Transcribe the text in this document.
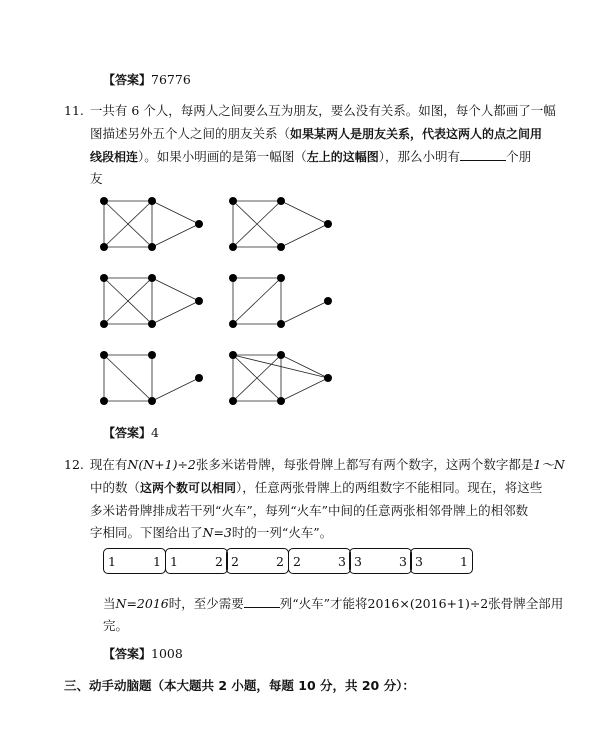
【答案】76776
11. 一共有 6 个人，每两人之间要么互为朋友，要么没有关系。如图，每个人都画了一幅
图描述另外五个人之间的朋友关系（如果某两人是朋友关系，代表这两人的点之间用
线段相连）。如果小明画的是第一幅图（左上的这幅图），那么小明有	个朋
友
【答案】4
12. 现在有N(N+1)÷2张多米诺骨牌，每张骨牌上都写有两个数字，这两个数字都是1～N
中的数（这两个数可以相同），任意两张骨牌上的两组数字不能相同。现在，将这些
多米诺骨牌排成若干列“火车”，每列“火车”中间的任意两张相邻骨牌上的相邻数
字相同。下图给出了N=3时的一列“火车”。
1	1 1	2 2	2 2	3 3	3 3	1
当N=2016时，至少需要	列“火车”才能将2016×(2016+1)÷2张骨牌全部用
完。
【答案】1008
三、动手动脑题（本大题共 2 小题，每题 10 分，共 20 分）：
